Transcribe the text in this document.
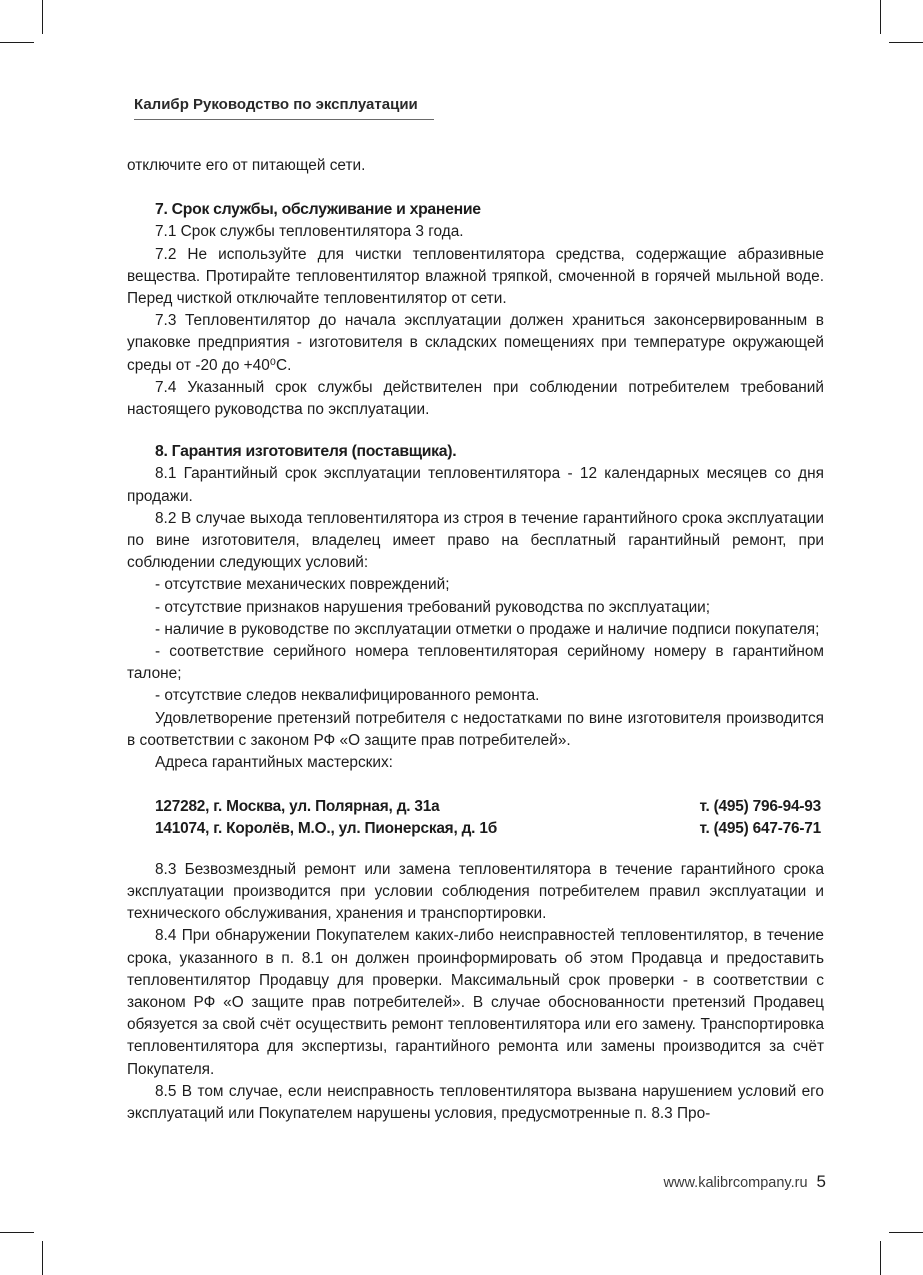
Калибр Руководство по эксплуатации

отключите его от питающей сети.

7. Срок службы, обслуживание и хранение

7.1 Срок службы тепловентилятора 3 года.

7.2 Не используйте для чистки тепловентилятора средства, содержащие абразивные вещества. Протирайте тепловентилятор влажной тряпкой, смоченной в горячей мыльной воде. Перед чисткой отключайте тепловентилятор от сети.

7.3 Тепловентилятор до начала эксплуатации должен храниться законсервированным в упаковке предприятия - изготовителя в складских помещениях при температуре окружающей среды от -20 до +40⁰С.

7.4 Указанный срок службы действителен при соблюдении потребителем требований настоящего руководства по эксплуатации.

8. Гарантия изготовителя (поставщика).

8.1 Гарантийный срок эксплуатации тепловентилятора - 12 календарных месяцев со дня продажи.

8.2 В случае выхода тепловентилятора из строя в течение гарантийного срока эксплуатации по вине изготовителя, владелец имеет право на бесплатный гарантийный ремонт, при соблюдении следующих условий:

- отсутствие механических повреждений;

- отсутствие признаков нарушения требований руководства по эксплуатации;

- наличие в руководстве по эксплуатации отметки о продаже и наличие подписи покупателя;

- соответствие серийного номера тепловентиляторая серийному номеру в гарантийном талоне;

- отсутствие следов неквалифицированного ремонта.

Удовлетворение претензий потребителя с недостатками по вине изготовителя производится в соответствии с законом РФ «О защите прав потребителей».

Адреса гарантийных мастерских:

127282, г. Москва, ул. Полярная, д. 31а	т. (495) 796-94-93
141074, г. Королёв, М.О., ул. Пионерская, д. 1б	т. (495) 647-76-71

8.3 Безвозмездный ремонт или замена тепловентилятора в течение гарантийного срока эксплуатации производится при условии соблюдения потребителем правил эксплуатации и технического обслуживания, хранения и транспортировки.

8.4 При обнаружении Покупателем каких-либо неисправностей тепловентилятор, в течение срока, указанного в п. 8.1 он должен проинформировать об этом Продавца и предоставить тепловентилятор Продавцу для проверки. Максимальный срок проверки - в соответствии с законом РФ «О защите прав потребителей». В случае обоснованности претензий Продавец обязуется за свой счёт осуществить ремонт тепловентилятора или его замену. Транспортировка тепловентилятора для экспертизы, гарантийного ремонта или замены производится за счёт Покупателя.

8.5 В том случае, если неисправность тепловентилятора вызвана нарушением условий его эксплуатаций или Покупателем нарушены условия, предусмотренные п. 8.3 Про-

www.kalibrcompany.ru 5
